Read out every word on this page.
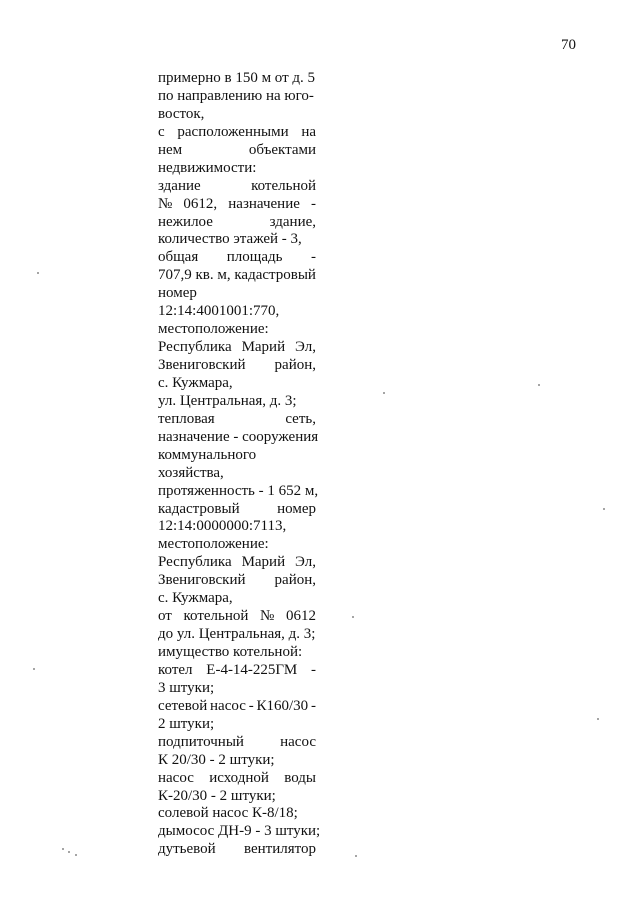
70
примерно в 150 м от д. 5
по направлению на юго-
восток,
с расположенными на
нем	объектами
недвижимости:
здание	котельной
№ 0612, назначение -
нежилое	здание,
количество этажей - 3,
общая площадь -
707,9 кв. м, кадастровый
номер
12:14:4001001:770,
местоположение:
Республика Марий Эл,
Звениговский район,
с. Кужмара,
ул. Центральная, д. 3;
тепловая	сеть,
назначение - сооружения
коммунального
хозяйства,
протяженность - 1 652 м,
кадастровый	номер
12:14:0000000:7113,
местоположение:
Республика Марий Эл,
Звениговский район,
с. Кужмара,
от котельной № 0612
до ул. Центральная, д. 3;
имущество котельной:
котел Е-4-14-225ГМ -
3 штуки;
сетевой насос - К160/30 -
2 штуки;
подпиточный насос
К 20/30 - 2 штуки;
насос исходной воды
К-20/30 - 2 штуки;
солевой насос К-8/18;
дымосос ДН-9 - 3 штуки;
дутьевой вентилятор
